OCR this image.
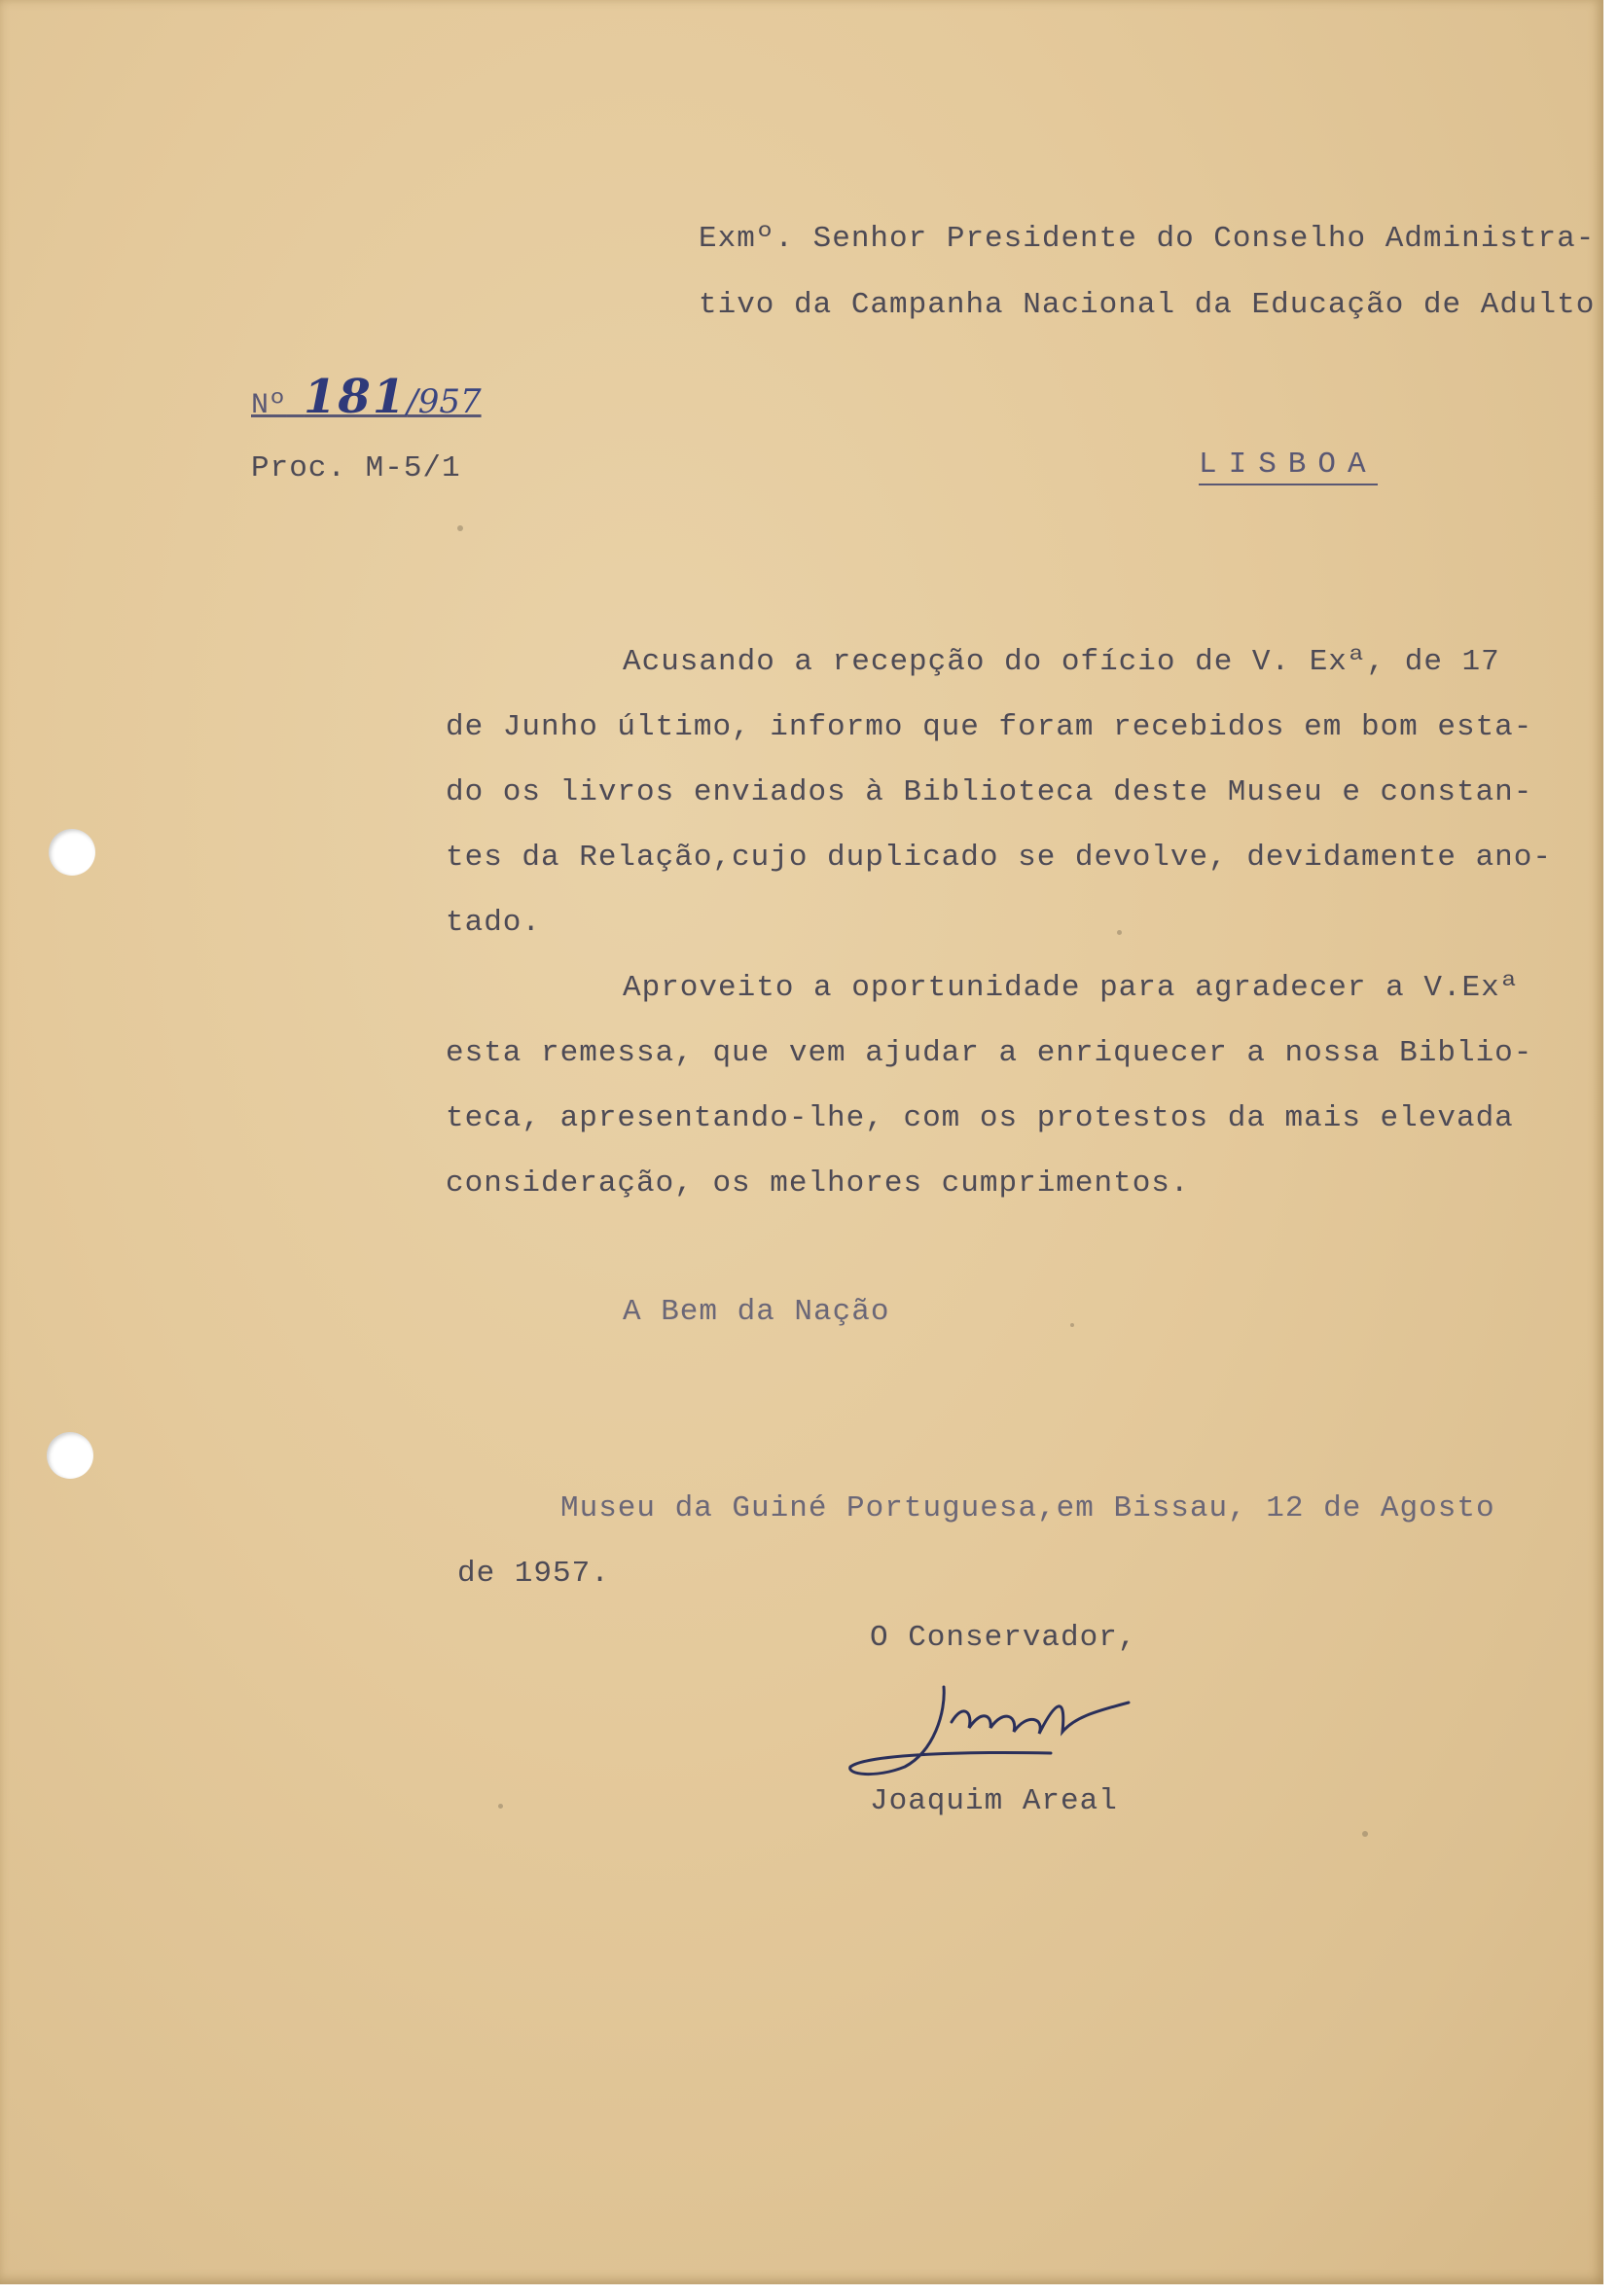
Exmº. Senhor Presidente do Conselho Administra-
tivo da Campanha Nacional da Educação de Adulto
Nº 181/957
Proc. M-5/1	LISBOA
Acusando a recepção do ofício de V. Exª, de 17
de Junho último, informo que foram recebidos em bom esta-
do os livros enviados à Biblioteca deste Museu e constan-
tes da Relação,cujo duplicado se devolve, devidamente ano-
tado.
Aproveito a oportunidade para agradecer a V.Exª
esta remessa, que vem ajudar a enriquecer a nossa Biblio-
teca, apresentando-lhe, com os protestos da mais elevada
consideração, os melhores cumprimentos.
A Bem da Nação
Museu da Guiné Portuguesa,em Bissau, 12 de Agosto
de 1957.
O Conservador,
Joaquim Areal
